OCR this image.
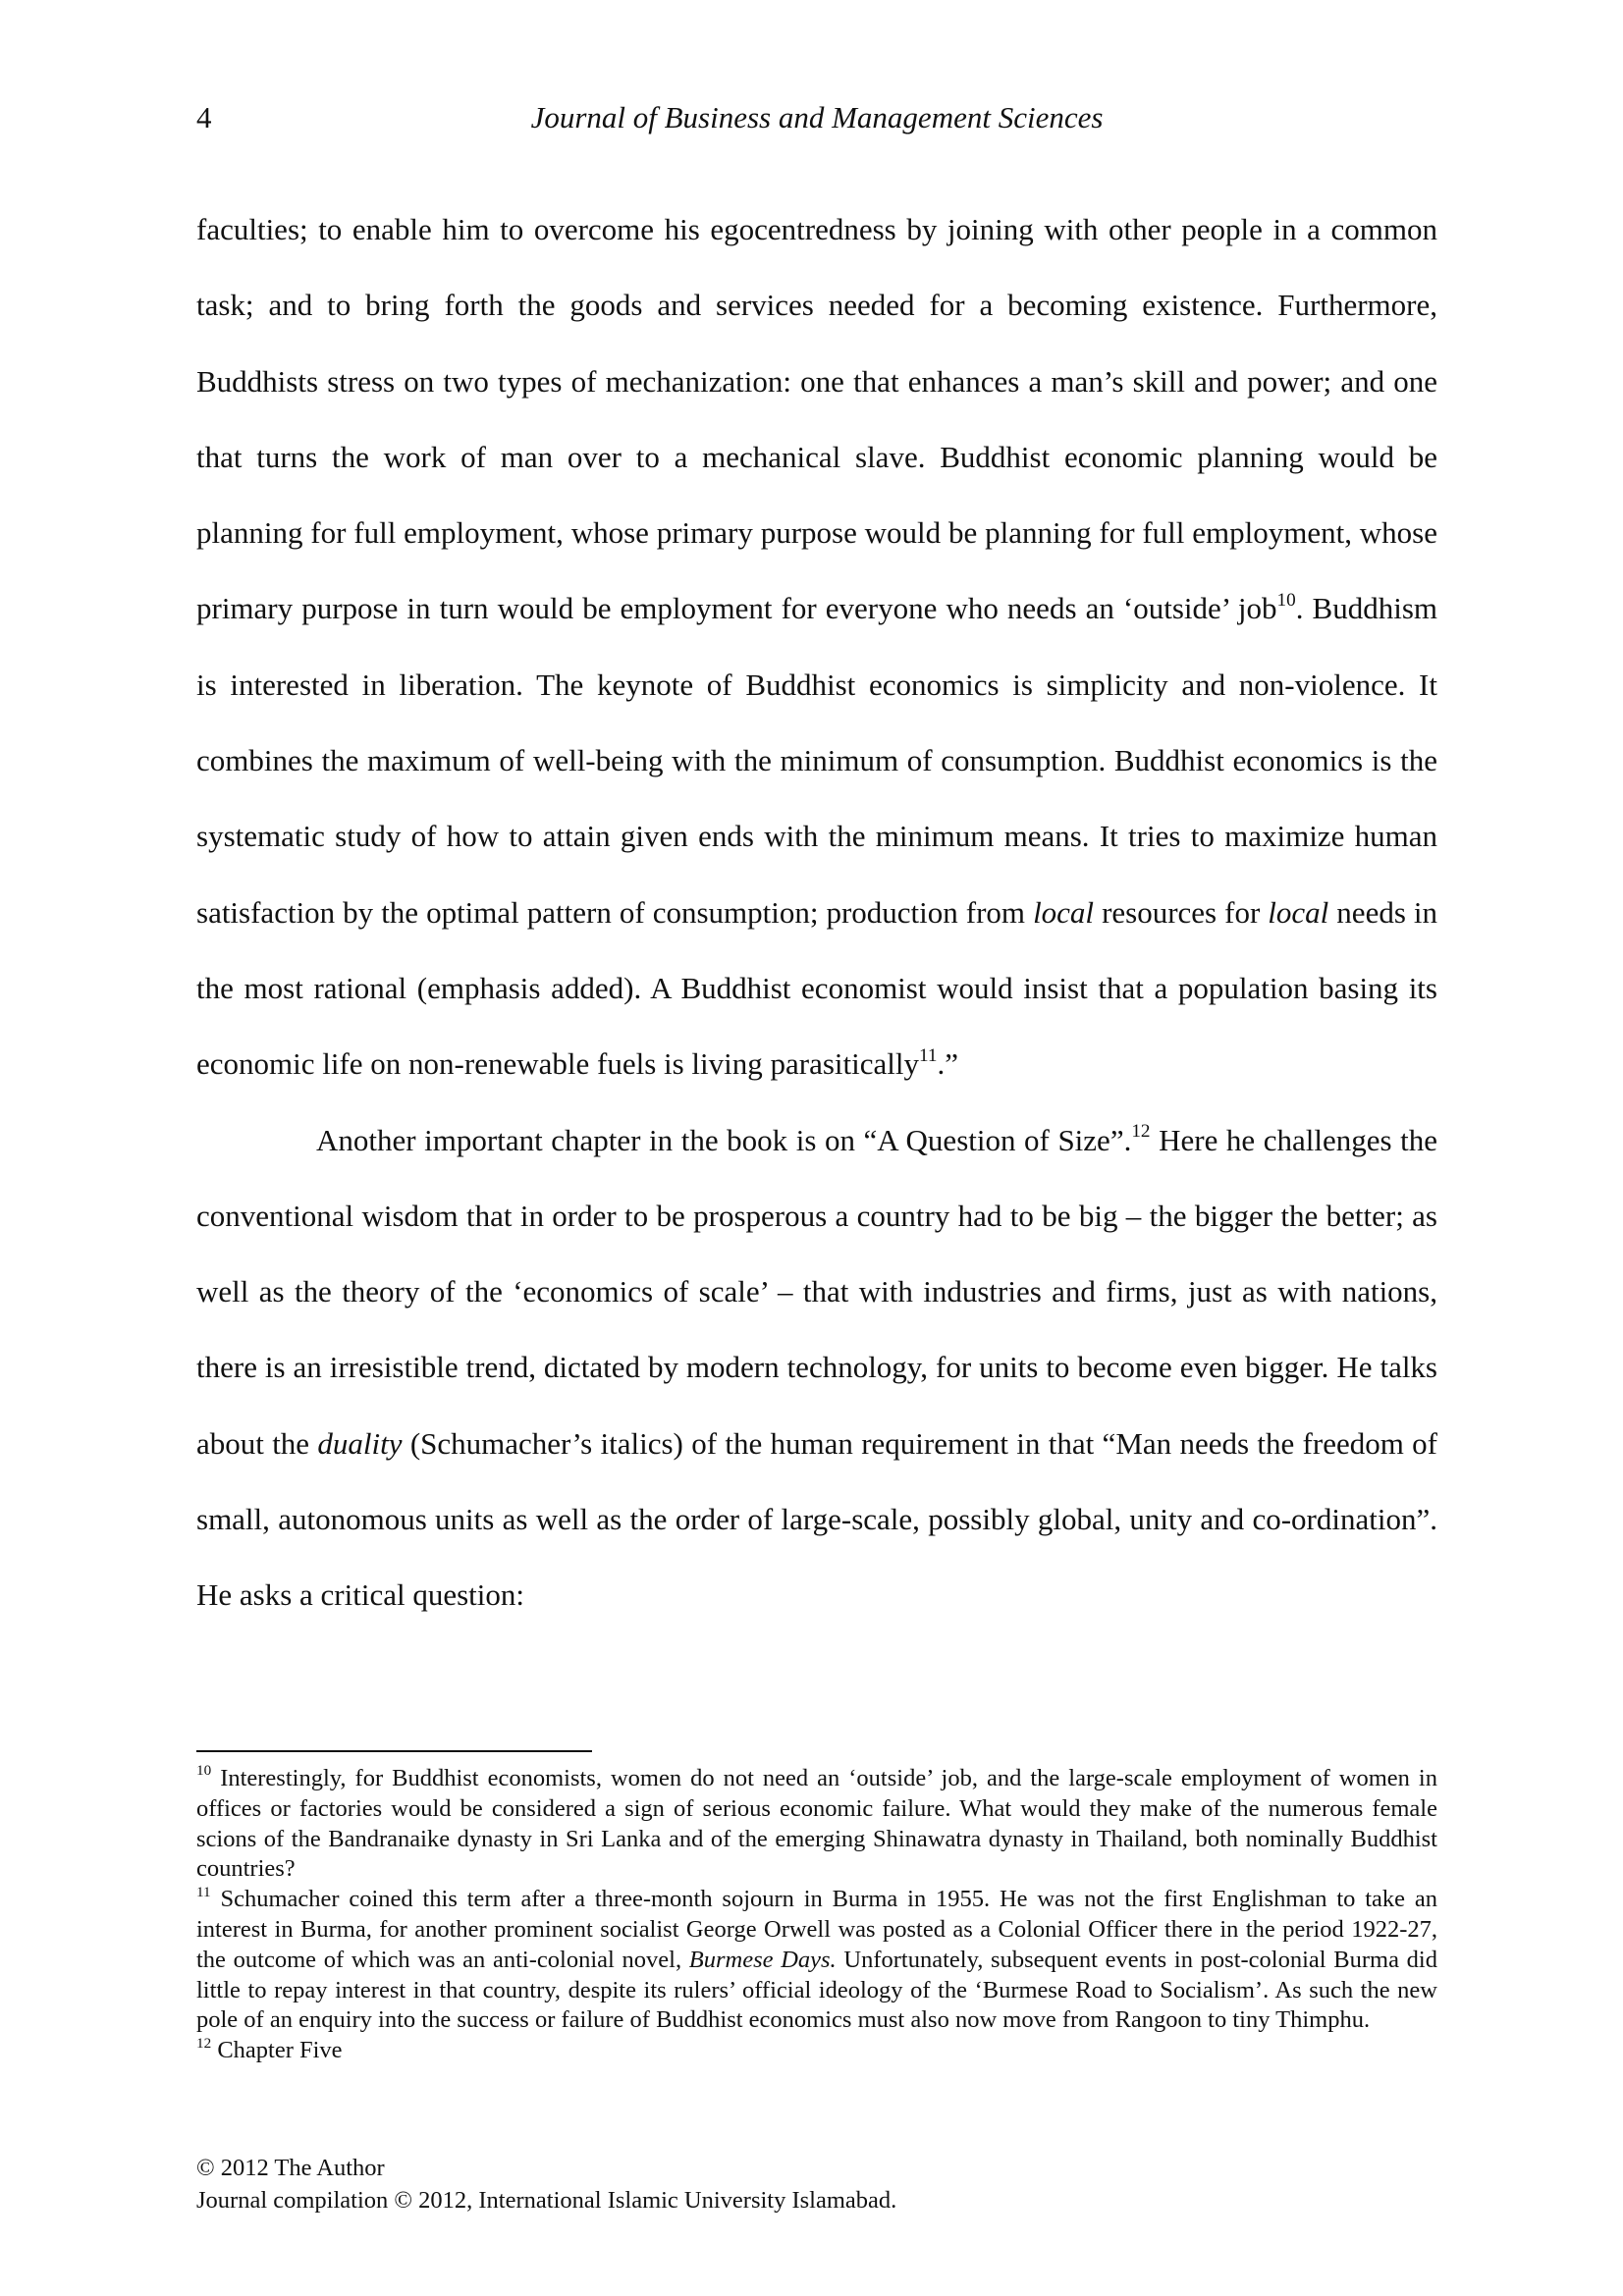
4	Journal of Business and Management Sciences

faculties; to enable him to overcome his egocentredness by joining with other people in a common task; and to bring forth the goods and services needed for a becoming existence. Furthermore, Buddhists stress on two types of mechanization: one that enhances a man’s skill and power; and one that turns the work of man over to a mechanical slave. Buddhist economic planning would be planning for full employment, whose primary purpose would be planning for full employment, whose primary purpose in turn would be employment for everyone who needs an ‘outside’ job$^{10}$. Buddhism is interested in liberation. The keynote of Buddhist economics is simplicity and non-violence. It combines the maximum of well-being with the minimum of consumption. Buddhist economics is the systematic study of how to attain given ends with the minimum means. It tries to maximize human satisfaction by the optimal pattern of consumption; production from local resources for local needs in the most rational (emphasis added). A Buddhist economist would insist that a population basing its economic life on non-renewable fuels is living parasitically$^{11}$.”

Another important chapter in the book is on “A Question of Size”.$^{12}$ Here he challenges the conventional wisdom that in order to be prosperous a country had to be big – the bigger the better; as well as the theory of the ‘economics of scale’ – that with industries and firms, just as with nations, there is an irresistible trend, dictated by modern technology, for units to become even bigger. He talks about the duality (Schumacher’s italics) of the human requirement in that “Man needs the freedom of small, autonomous units as well as the order of large-scale, possibly global, unity and co-ordination”. He asks a critical question:

$^{10}$ Interestingly, for Buddhist economists, women do not need an ‘outside’ job, and the large-scale employment of women in offices or factories would be considered a sign of serious economic failure. What would they make of the numerous female scions of the Bandranaike dynasty in Sri Lanka and of the emerging Shinawatra dynasty in Thailand, both nominally Buddhist countries?

$^{11}$ Schumacher coined this term after a three-month sojourn in Burma in 1955. He was not the first Englishman to take an interest in Burma, for another prominent socialist George Orwell was posted as a Colonial Officer there in the period 1922-27, the outcome of which was an anti-colonial novel, Burmese Days. Unfortunately, subsequent events in post-colonial Burma did little to repay interest in that country, despite its rulers’ official ideology of the ‘Burmese Road to Socialism’. As such the new pole of an enquiry into the success or failure of Buddhist economics must also now move from Rangoon to tiny Thimphu.

$^{12}$ Chapter Five

© 2012 The Author
Journal compilation © 2012, International Islamic University Islamabad.
